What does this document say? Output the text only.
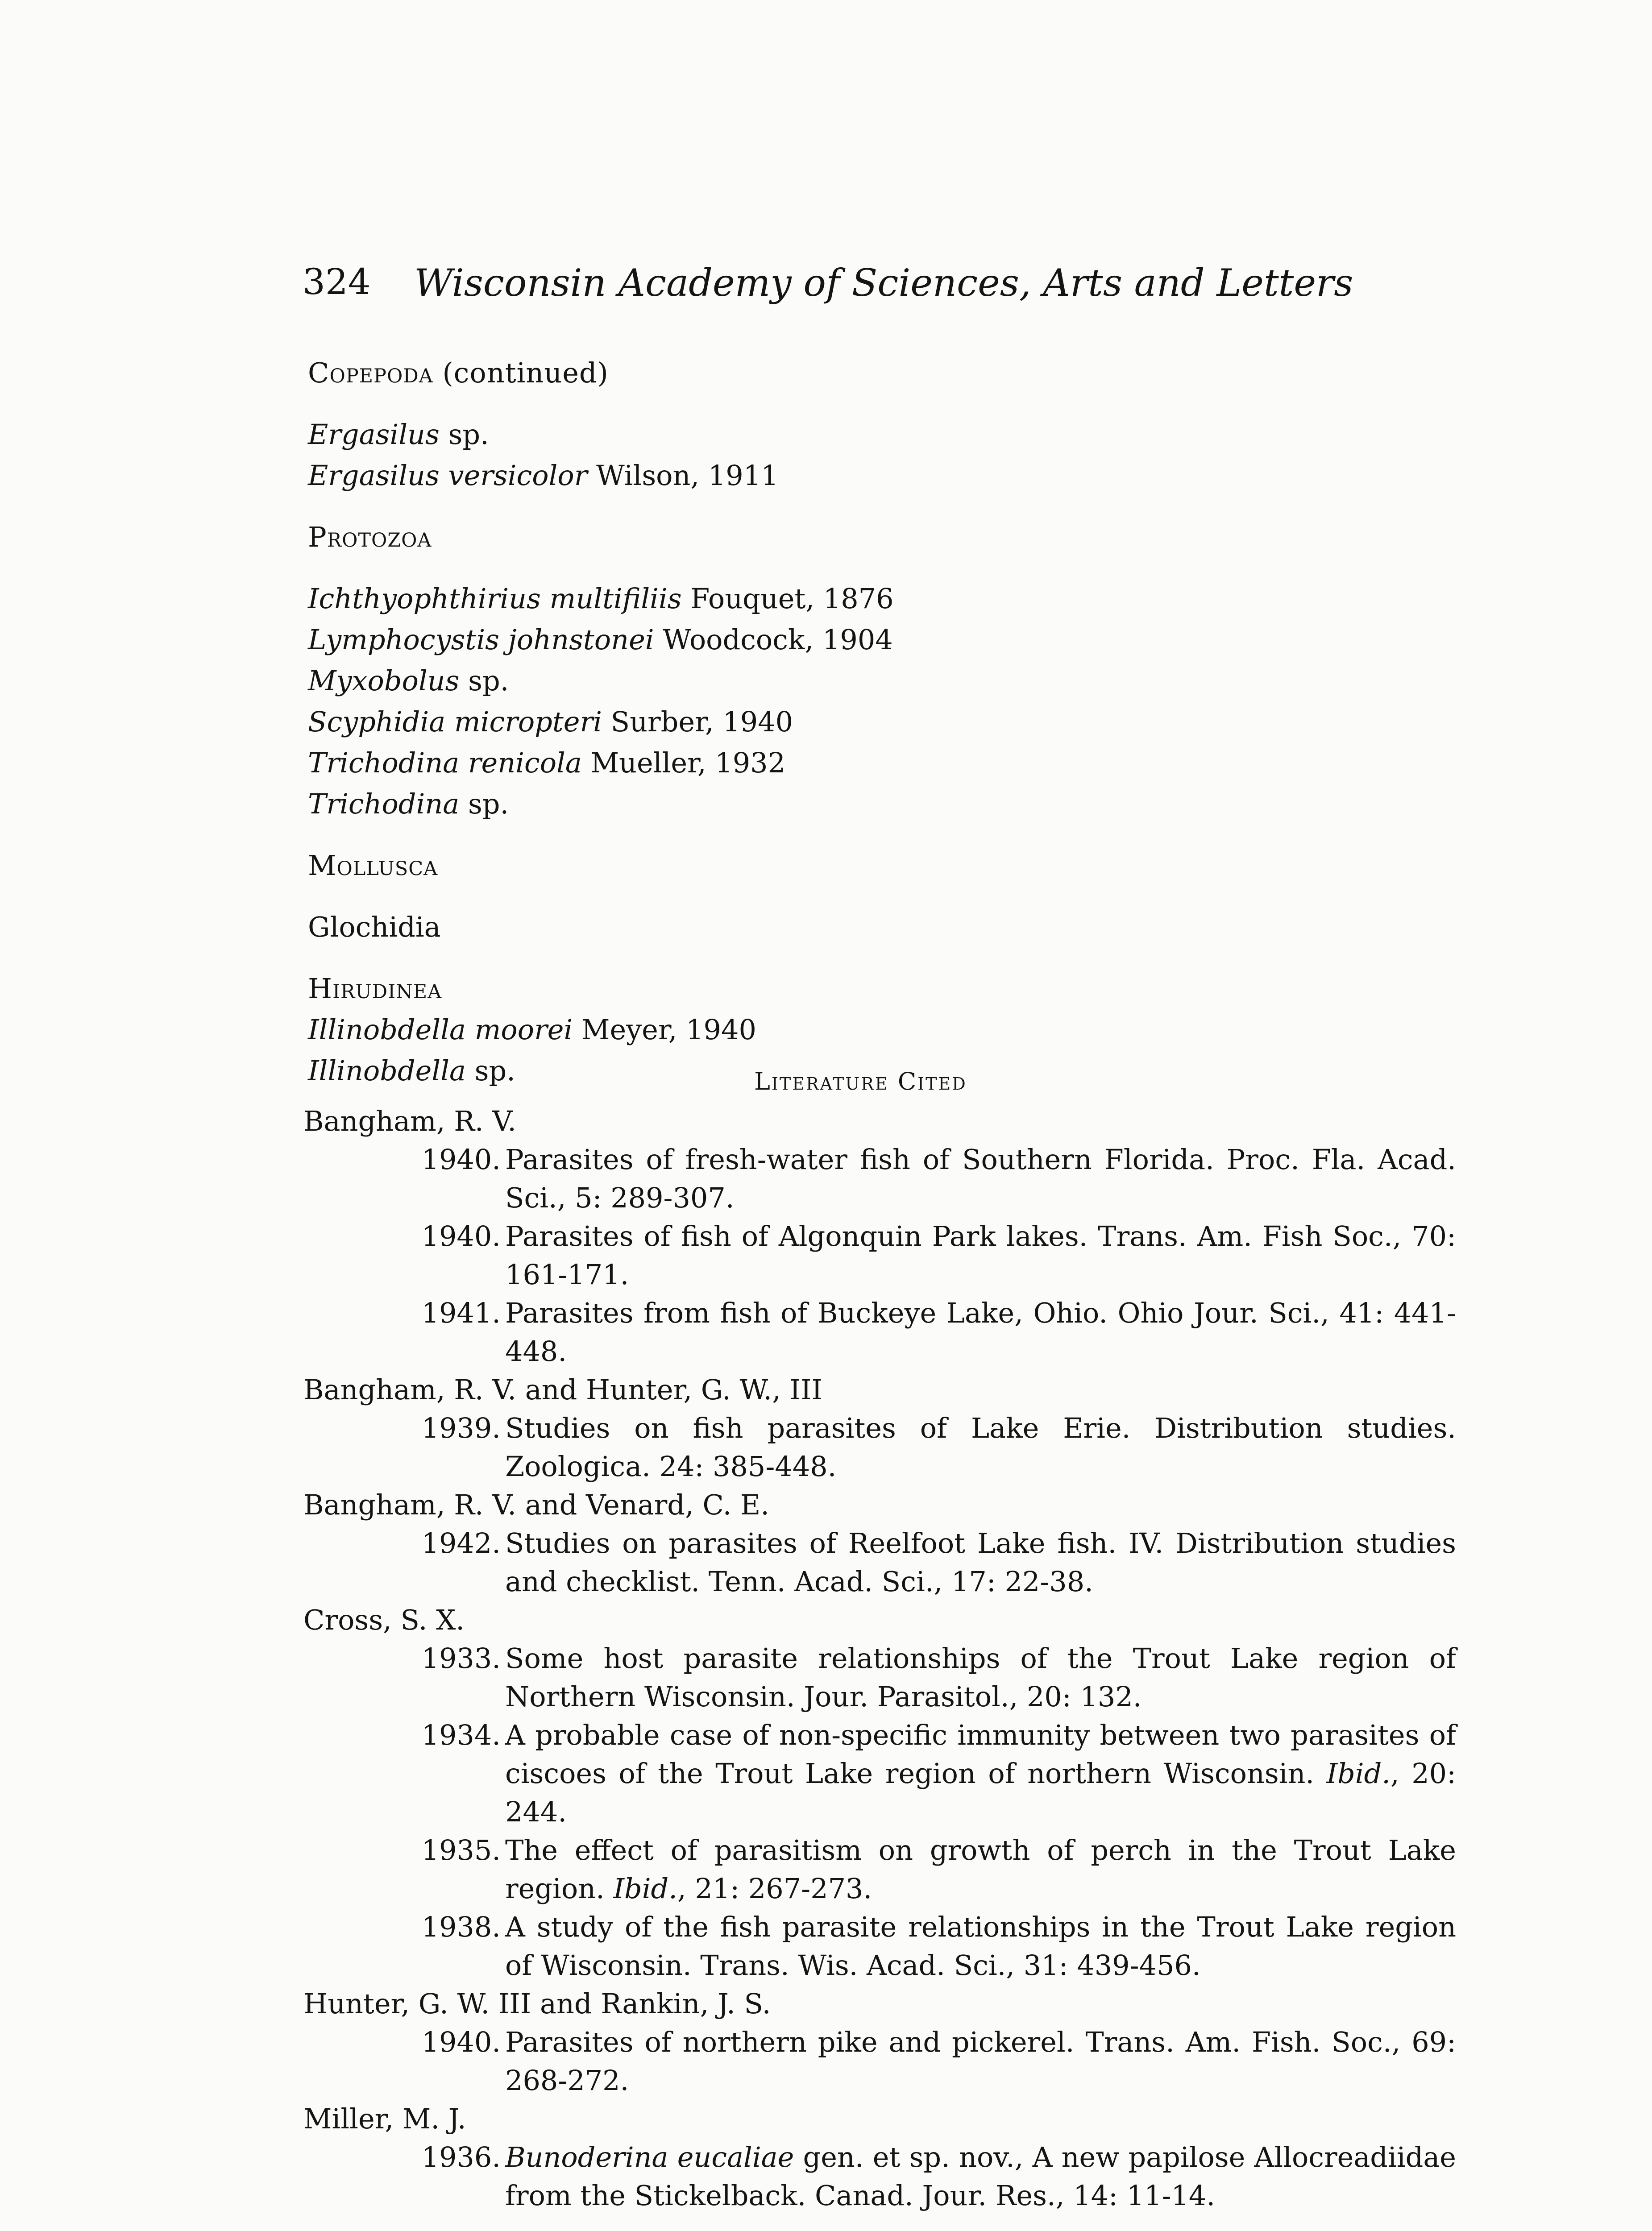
324 Wisconsin Academy of Sciences, Arts and Letters
Copepoda (continued)
Ergasilus sp.
Ergasilus versicolor Wilson, 1911
Protozoa
Ichthyophthirius multifiliis Fouquet, 1876
Lymphocystis johnstonei Woodcock, 1904
Myxobolus sp.
Scyphidia micropteri Surber, 1940
Trichodina renicola Mueller, 1932
Trichodina sp.
Mollusca
Glochidia
Hirudinea
Illinobdella moorei Meyer, 1940
Illinobdella sp.	Literature Cited
Bangham, R. V.
1940. Parasites of fresh-water fish of Southern Florida. Proc. Fla. Acad. Sci., 5: 289-307.
1940. Parasites of fish of Algonquin Park lakes. Trans. Am. Fish Soc., 70: 161-171.
1941. Parasites from fish of Buckeye Lake, Ohio. Ohio Jour. Sci., 41: 441-448.
Bangham, R. V. and Hunter, G. W., III
1939. Studies on fish parasites of Lake Erie. Distribution studies. Zoologica. 24: 385-448.
Bangham, R. V. and Venard, C. E.
1942. Studies on parasites of Reelfoot Lake fish. IV. Distribution studies and checklist. Tenn. Acad. Sci., 17: 22-38.
Cross, S. X.
1933. Some host parasite relationships of the Trout Lake region of Northern Wisconsin. Jour. Parasitol., 20: 132.
1934. A probable case of non-specific immunity between two parasites of ciscoes of the Trout Lake region of northern Wisconsin. Ibid., 20: 244.
1935. The effect of parasitism on growth of perch in the Trout Lake region. Ibid., 21: 267-273.
1938. A study of the fish parasite relationships in the Trout Lake region of Wisconsin. Trans. Wis. Acad. Sci., 31: 439-456.
Hunter, G. W. III and Rankin, J. S.
1940. Parasites of northern pike and pickerel. Trans. Am. Fish. Soc., 69: 268-272.
Miller, M. J.
1936. Bunoderina eucaliae gen. et sp. nov., A new papilose Allocreadiidae from the Stickelback. Canad. Jour. Res., 14: 11-14.
